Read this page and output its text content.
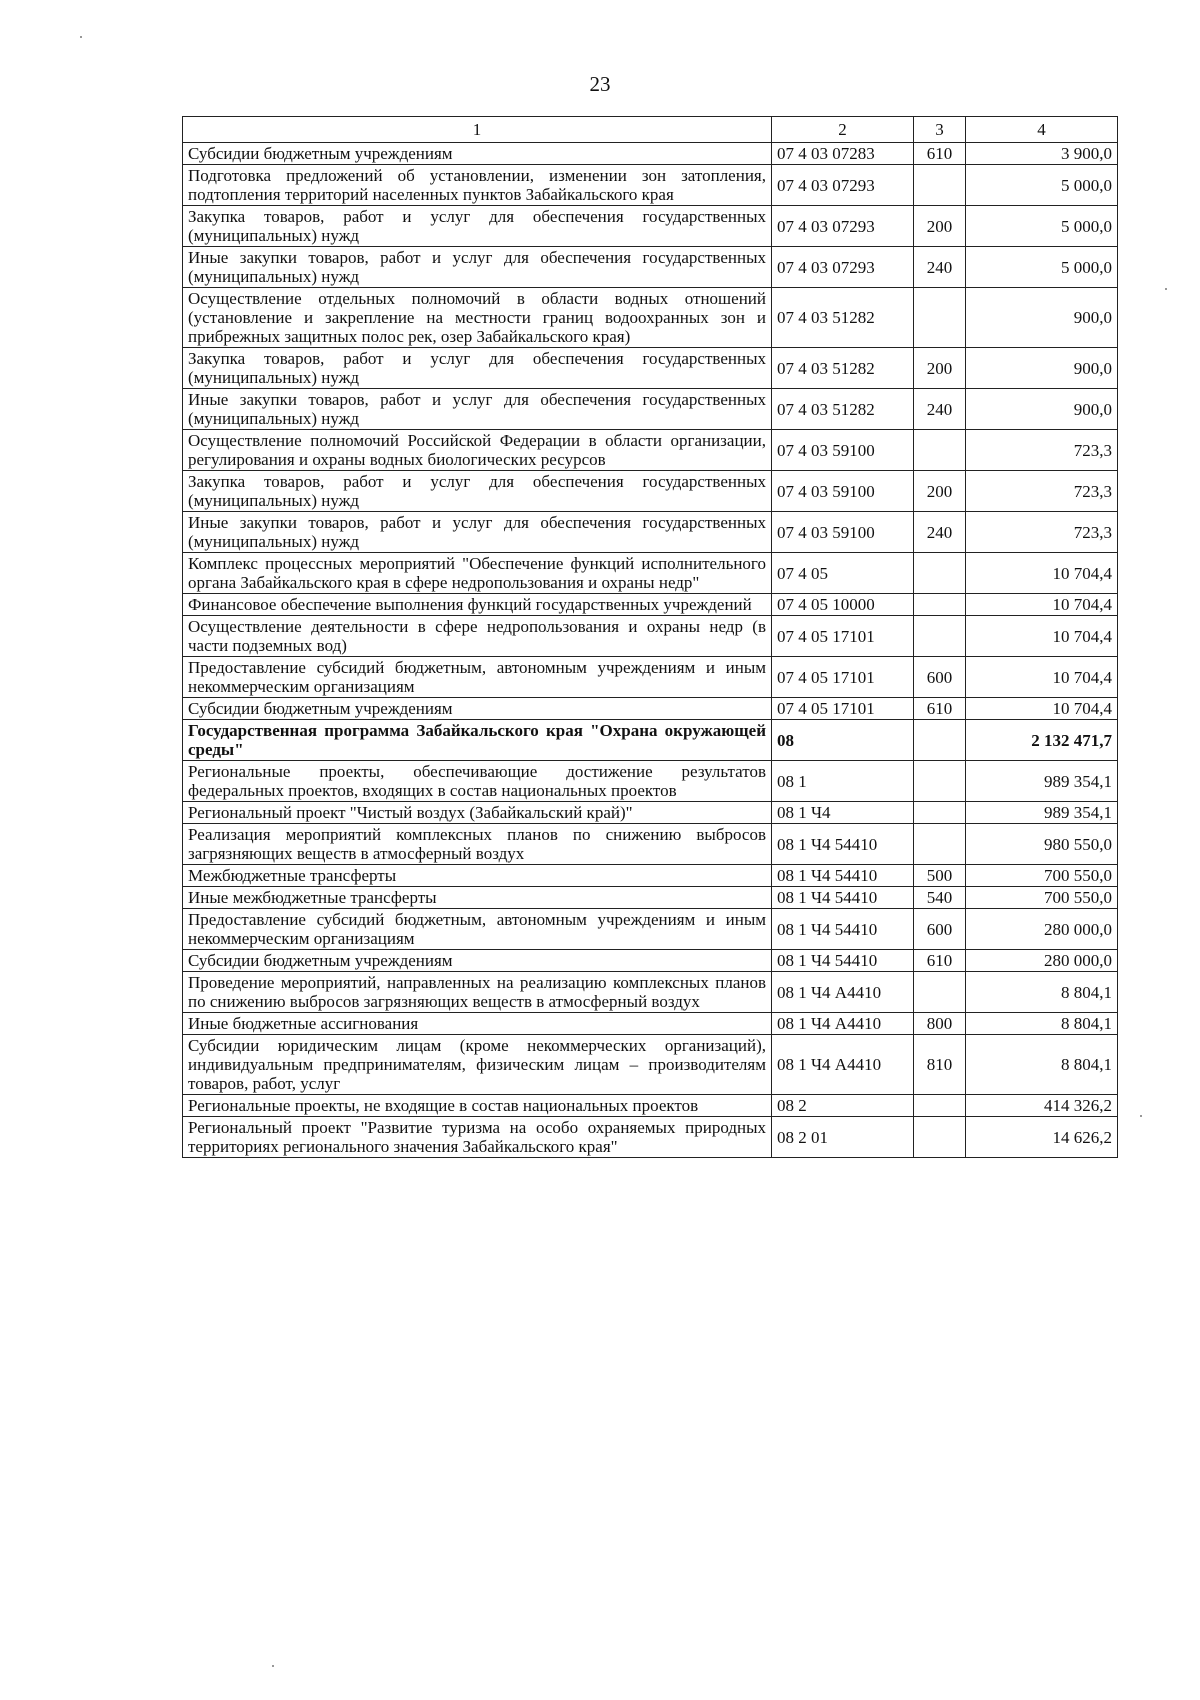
23
1	2	3	4
Субсидии бюджетным учреждениям	07 4 03 07283	610	3 900,0
Подготовка предложений об установлении, изменении зон затопления, подтопления территорий населенных пунктов Забайкальского края	07 4 03 07293		5 000,0
Закупка товаров, работ и услуг для обеспечения государственных (муниципальных) нужд	07 4 03 07293	200	5 000,0
Иные закупки товаров, работ и услуг для обеспечения государственных (муниципальных) нужд	07 4 03 07293	240	5 000,0
Осуществление отдельных полномочий в области водных отношений (установление и закрепление на местности границ водоохранных зон и прибрежных защитных полос рек, озер Забайкальского края)	07 4 03 51282		900,0
Закупка товаров, работ и услуг для обеспечения государственных (муниципальных) нужд	07 4 03 51282	200	900,0
Иные закупки товаров, работ и услуг для обеспечения государственных (муниципальных) нужд	07 4 03 51282	240	900,0
Осуществление полномочий Российской Федерации в области организации, регулирования и охраны водных биологических ресурсов	07 4 03 59100		723,3
Закупка товаров, работ и услуг для обеспечения государственных (муниципальных) нужд	07 4 03 59100	200	723,3
Иные закупки товаров, работ и услуг для обеспечения государственных (муниципальных) нужд	07 4 03 59100	240	723,3
Комплекс процессных мероприятий "Обеспечение функций исполнительного органа Забайкальского края в сфере недропользования и охраны недр"	07 4 05		10 704,4
Финансовое обеспечение выполнения функций государственных учреждений	07 4 05 10000		10 704,4
Осуществление деятельности в сфере недропользования и охраны недр (в части подземных вод)	07 4 05 17101		10 704,4
Предоставление субсидий бюджетным, автономным учреждениям и иным некоммерческим организациям	07 4 05 17101	600	10 704,4
Субсидии бюджетным учреждениям	07 4 05 17101	610	10 704,4
Государственная программа Забайкальского края "Охрана окружающей среды"	08		2 132 471,7
Региональные проекты, обеспечивающие достижение результатов федеральных проектов, входящих в состав национальных проектов	08 1		989 354,1
Региональный проект "Чистый воздух (Забайкальский край)"	08 1 Ч4		989 354,1
Реализация мероприятий комплексных планов по снижению выбросов загрязняющих веществ в атмосферный воздух	08 1 Ч4 54410		980 550,0
Межбюджетные трансферты	08 1 Ч4 54410	500	700 550,0
Иные межбюджетные трансферты	08 1 Ч4 54410	540	700 550,0
Предоставление субсидий бюджетным, автономным учреждениям и иным некоммерческим организациям	08 1 Ч4 54410	600	280 000,0
Субсидии бюджетным учреждениям	08 1 Ч4 54410	610	280 000,0
Проведение мероприятий, направленных на реализацию комплексных планов по снижению выбросов загрязняющих веществ в атмосферный воздух	08 1 Ч4 А4410		8 804,1
Иные бюджетные ассигнования	08 1 Ч4 А4410	800	8 804,1
Субсидии юридическим лицам (кроме некоммерческих организаций), индивидуальным предпринимателям, физическим лицам – производителям товаров, работ, услуг	08 1 Ч4 А4410	810	8 804,1
Региональные проекты, не входящие в состав национальных проектов	08 2		414 326,2
Региональный проект "Развитие туризма на особо охраняемых природных территориях регионального значения Забайкальского края"	08 2 01		14 626,2
